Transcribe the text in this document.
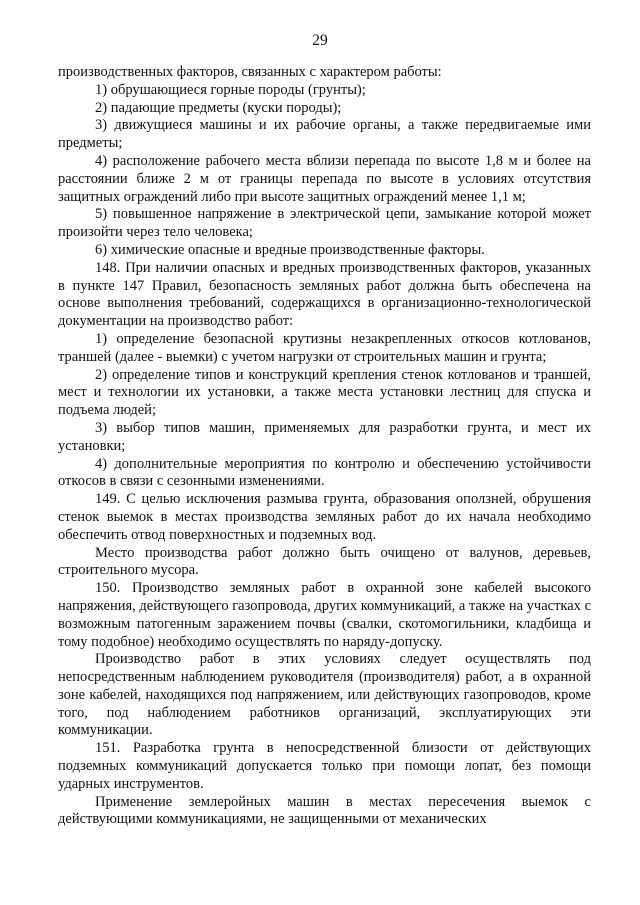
29

производственных факторов, связанных с характером работы:

1) обрушающиеся горные породы (грунты);

2) падающие предметы (куски породы);

3) движущиеся машины и их рабочие органы, а также передвигаемые ими предметы;

4) расположение рабочего места вблизи перепада по высоте 1,8 м и более на расстоянии ближе 2 м от границы перепада по высоте в условиях отсутствия защитных ограждений либо при высоте защитных ограждений менее 1,1 м;

5) повышенное напряжение в электрической цепи, замыкание которой может произойти через тело человека;

6) химические опасные и вредные производственные факторы.

148. При наличии опасных и вредных производственных факторов, указанных в пункте 147 Правил, безопасность земляных работ должна быть обеспечена на основе выполнения требований, содержащихся в организационно-технологической документации на производство работ:

1) определение безопасной крутизны незакрепленных откосов котлованов, траншей (далее - выемки) с учетом нагрузки от строительных машин и грунта;

2) определение типов и конструкций крепления стенок котлованов и траншей, мест и технологии их установки, а также места установки лестниц для спуска и подъема людей;

3) выбор типов машин, применяемых для разработки грунта, и мест их установки;

4) дополнительные мероприятия по контролю и обеспечению устойчивости откосов в связи с сезонными изменениями.

149. С целью исключения размыва грунта, образования оползней, обрушения стенок выемок в местах производства земляных работ до их начала необходимо обеспечить отвод поверхностных и подземных вод.

Место производства работ должно быть очищено от валунов, деревьев, строительного мусора.

150. Производство земляных работ в охранной зоне кабелей высокого напряжения, действующего газопровода, других коммуникаций, а также на участках с возможным патогенным заражением почвы (свалки, скотомогильники, кладбища и тому подобное) необходимо осуществлять по наряду-допуску.

Производство работ в этих условиях следует осуществлять под непосредственным наблюдением руководителя (производителя) работ, а в охранной зоне кабелей, находящихся под напряжением, или действующих газопроводов, кроме того, под наблюдением работников организаций, эксплуатирующих эти коммуникации.

151. Разработка грунта в непосредственной близости от действующих подземных коммуникаций допускается только при помощи лопат, без помощи ударных инструментов.

Применение землеройных машин в местах пересечения выемок с действующими коммуникациями, не защищенными от механических
